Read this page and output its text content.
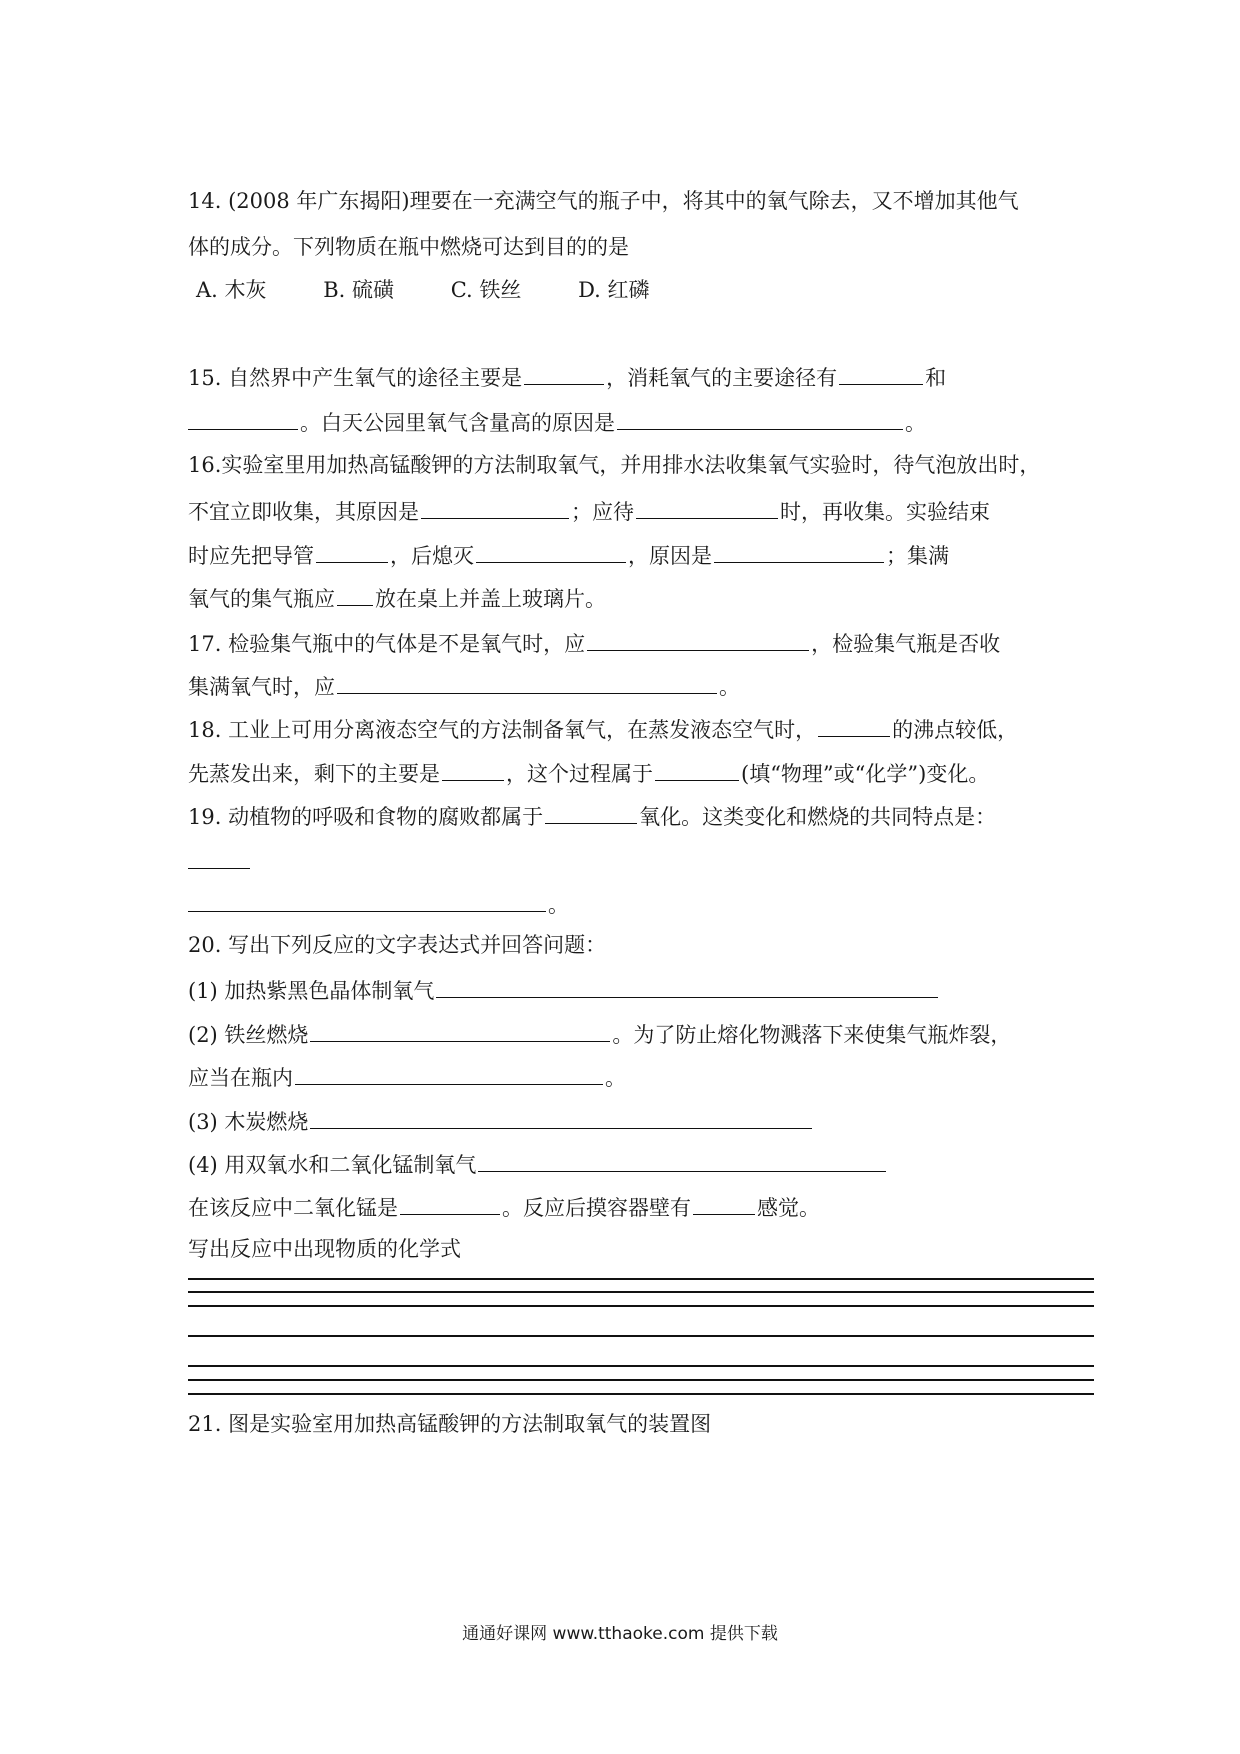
14. (2008 年广东揭阳)理要在一充满空气的瓶子中，将其中的氧气除去，又不增加其他气
体的成分。下列物质在瓶中燃烧可达到目的的是
A. 木灰	B. 硫磺	C. 铁丝	D. 红磷
15. 自然界中产生氧气的途径主要是	，消耗氧气的主要途径有	和
。白天公园里氧气含量高的原因是	。
16.实验室里用加热高锰酸钾的方法制取氧气，并用排水法收集氧气实验时，待气泡放出时，
不宜立即收集，其原因是	；应待	时，再收集。实验结束
时应先把导管	，后熄灭	，原因是	；集满
氧气的集气瓶应 放在桌上并盖上玻璃片。
17. 检验集气瓶中的气体是不是氧气时，应	，检验集气瓶是否收
集满氧气时，应	。
18. 工业上可用分离液态空气的方法制备氧气，在蒸发液态空气时，	的沸点较低，
先蒸发出来，剩下的主要是	，这个过程属于	(填“物理”或“化学”)变化。
19. 动植物的呼吸和食物的腐败都属于	氧化。这类变化和燃烧的共同特点是：
。
20. 写出下列反应的文字表达式并回答问题：
(1) 加热紫黑色晶体制氧气
(2) 铁丝燃烧	。为了防止熔化物溅落下来使集气瓶炸裂，
应当在瓶内	。
(3) 木炭燃烧
(4) 用双氧水和二氧化锰制氧气
在该反应中二氧化锰是	。反应后摸容器壁有	感觉。
写出反应中出现物质的化学式
21. 图是实验室用加热高锰酸钾的方法制取氧气的装置图
通通好课网 www.tthaoke.com 提供下载
